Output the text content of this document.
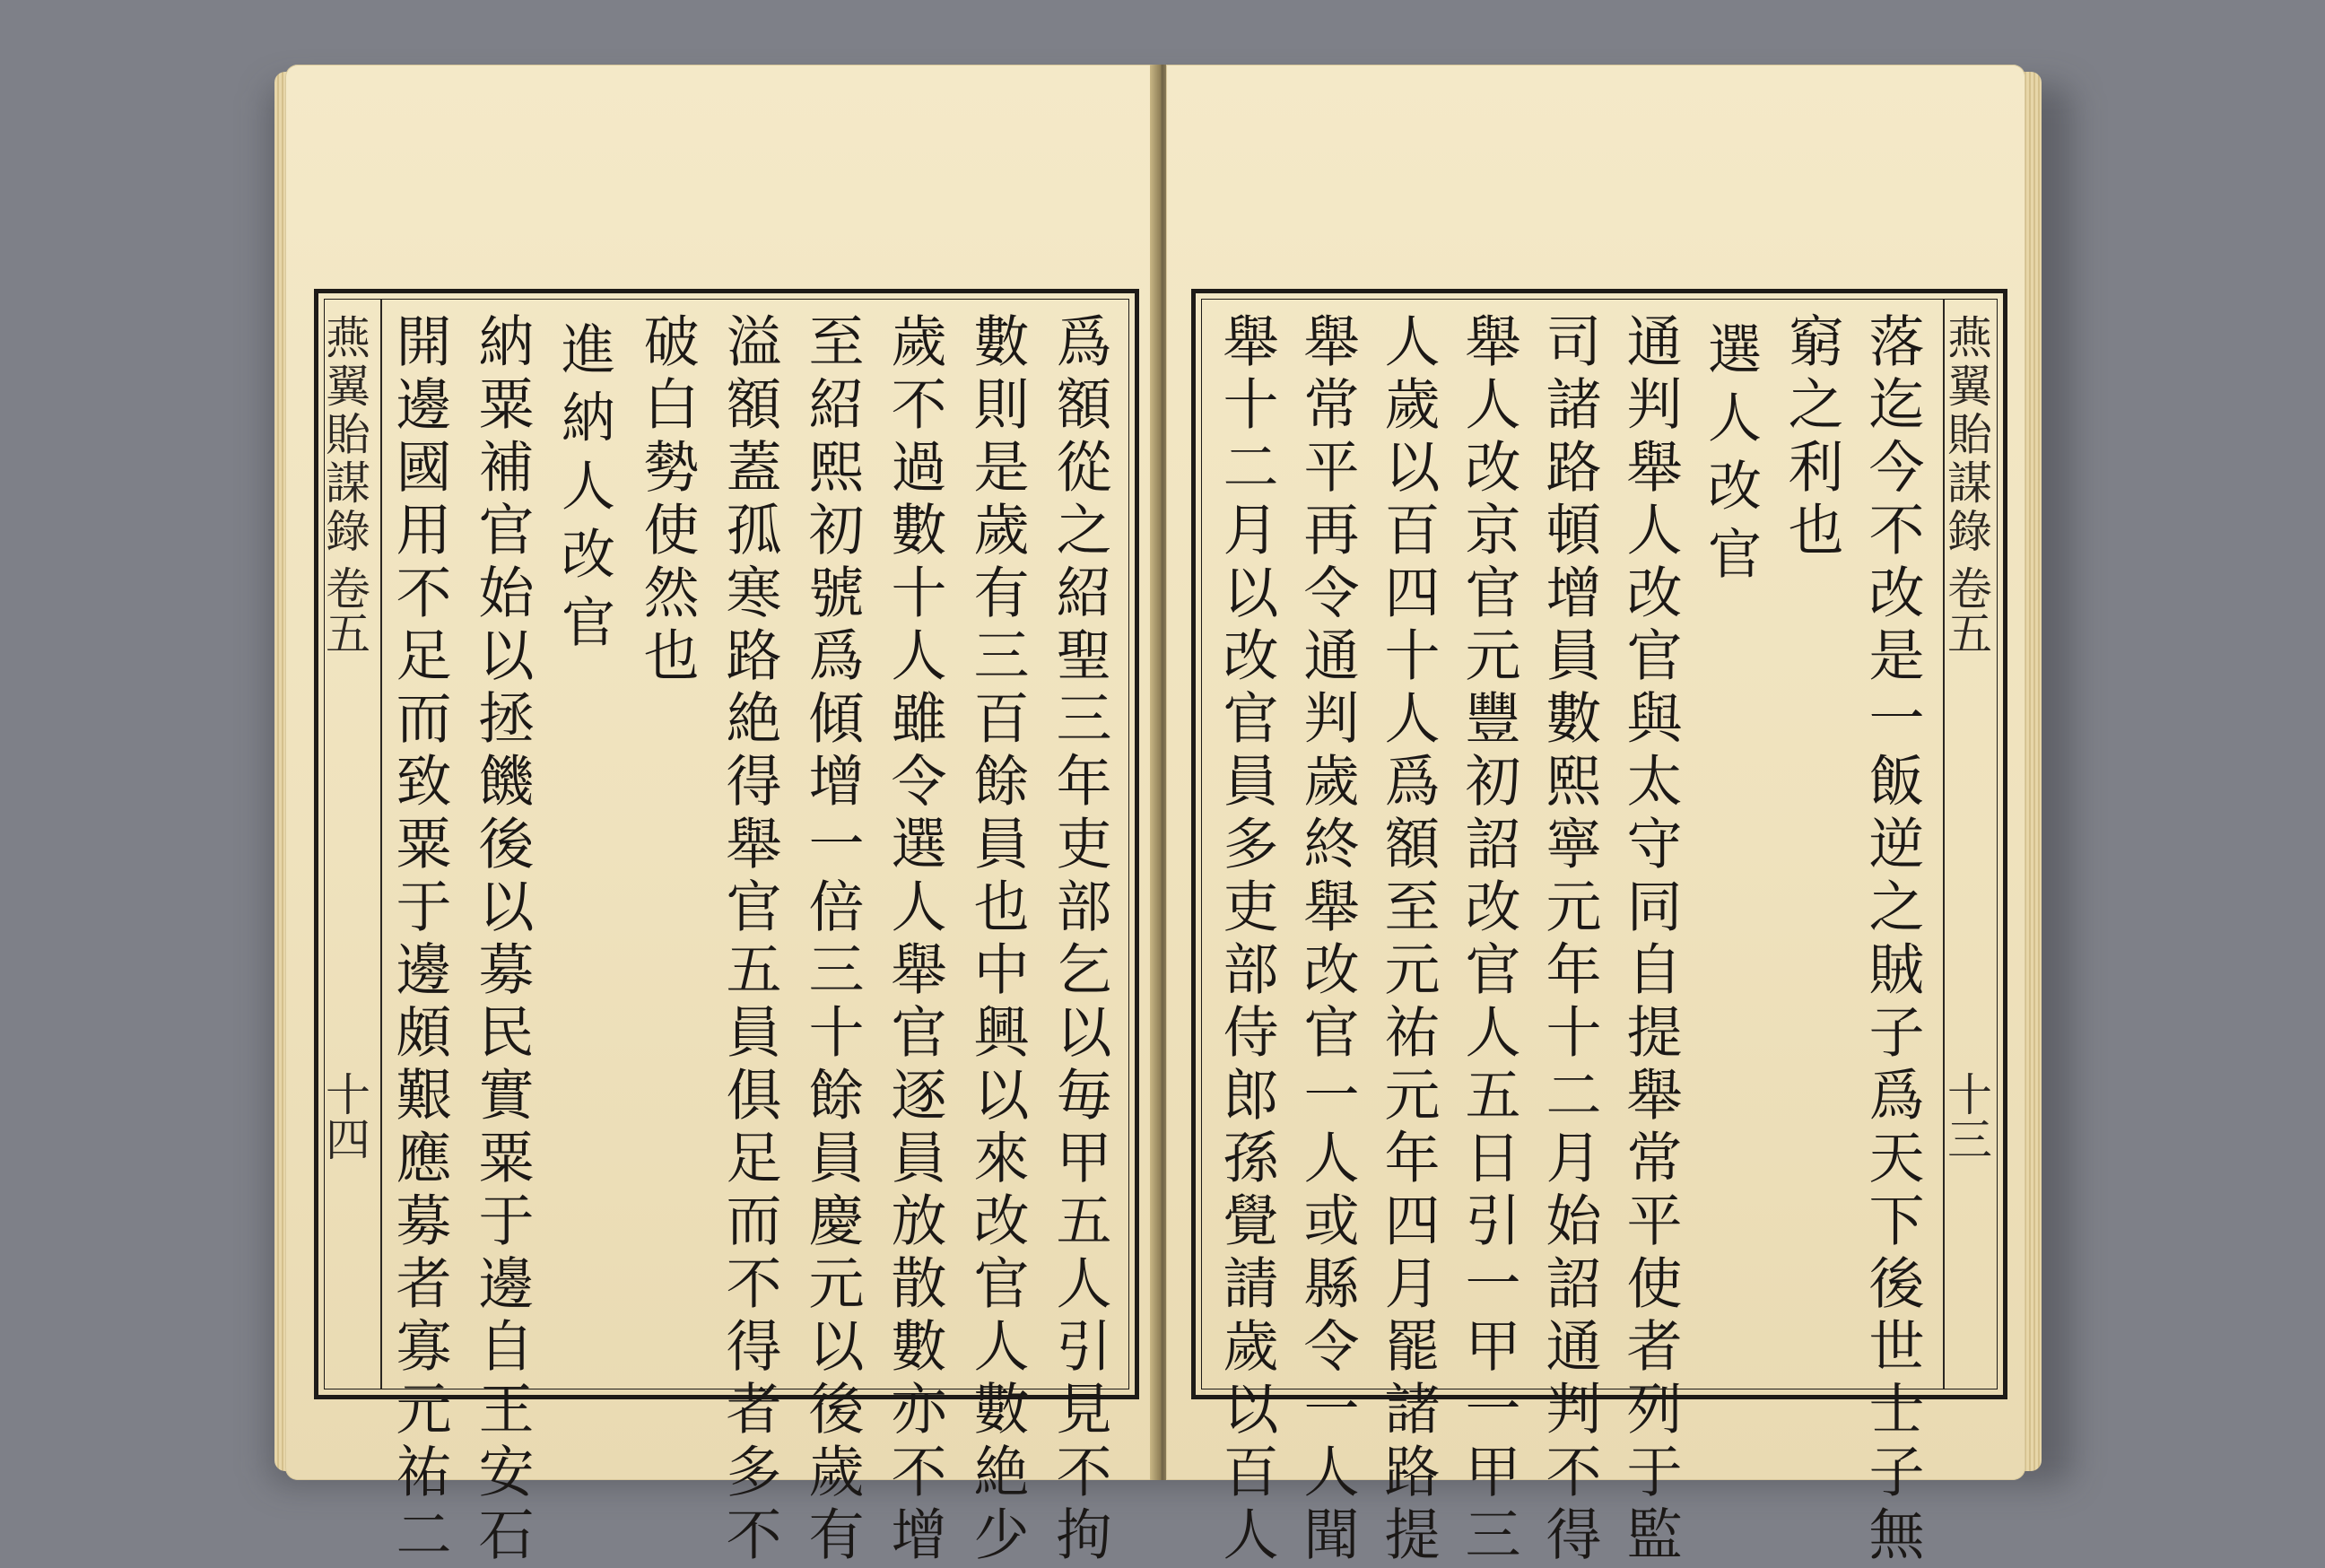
爲額從之紹聖三年吏部乞以毎甲五人引見不拘
數則是歲有三百餘員也中興以來改官人數絶少
歲不過數十人雖令選人舉官逐員放散數亦不增
至紹熙初號爲傾增一倍三十餘員慶元以後歲有
溢額蓋孤寒路絶得舉官五員俱足而不得者多不
破白勢使然也
進納人改官
納粟補官始以拯饑後以募民實粟于邊自王安石
開邊國用不足而致粟于邊頗艱應募者寡元祐二
燕翼貽謀錄
卷五
十四
燕翼貽謀錄
卷五
十三
落迄今不改是一飯逆之賊子爲天下後世士子無
窮之利也
選人改官
通判舉人改官與太守同自提舉常平使者列于監
司諸路頓增員數熙寧元年十二月始詔通判不得
舉人改京官元豐初詔改官人五日引一甲一甲三
人歲以百四十人爲額至元祐元年四月罷諸路提
舉常平再令通判歲終舉改官一人或縣令一人聞
舉十二月以改官員多吏部侍郎孫覺請歲以百人
